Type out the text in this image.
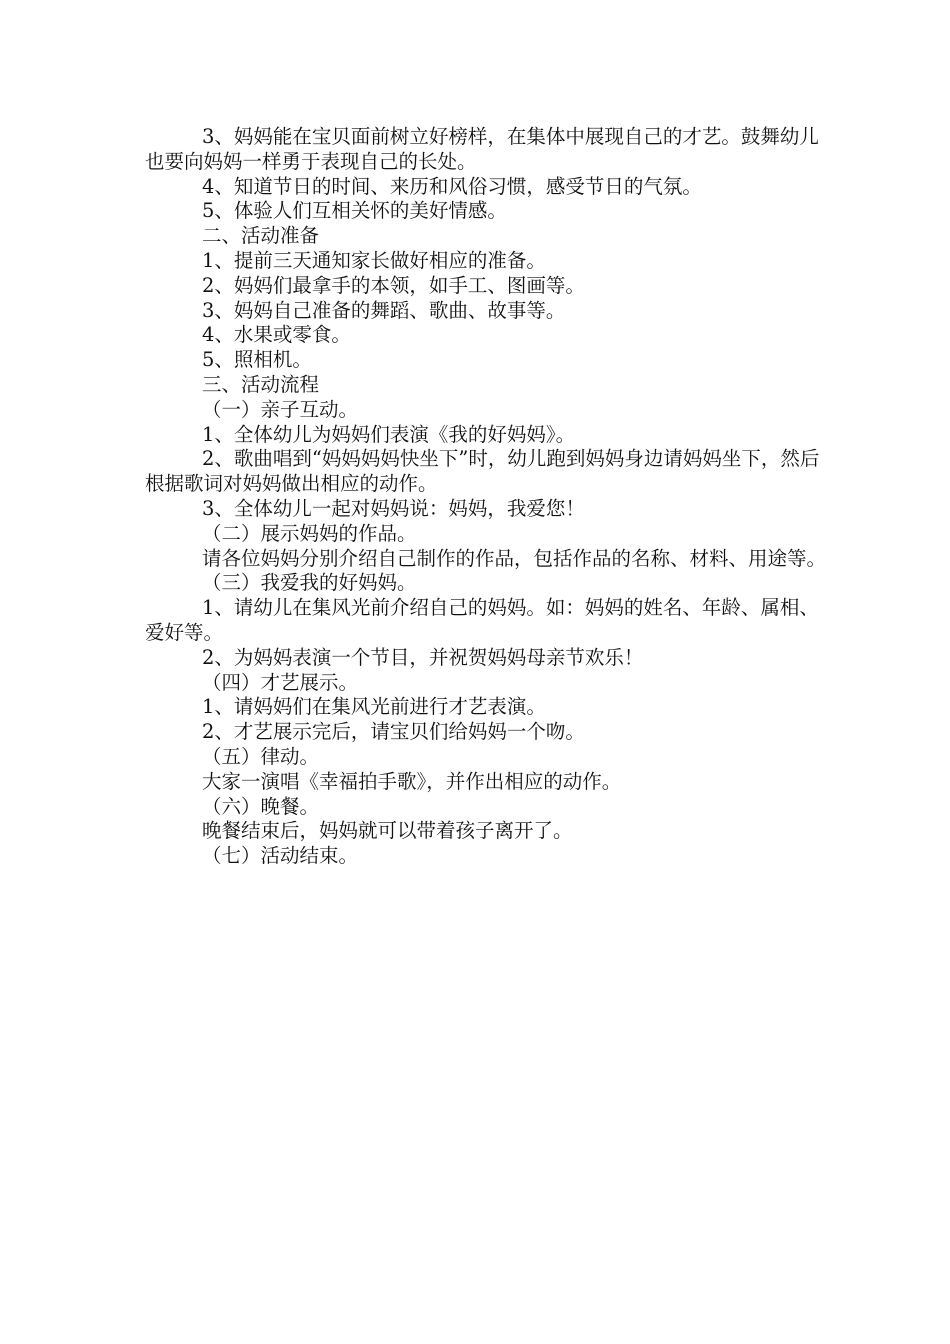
3、妈妈能在宝贝面前树立好榜样，在集体中展现自己的才艺。鼓舞幼儿也要向妈妈一样勇于表现自己的长处。

4、知道节日的时间、来历和风俗习惯，感受节日的气氛。

5、体验人们互相关怀的美好情感。

二、活动准备

1、提前三天通知家长做好相应的准备。

2、妈妈们最拿手的本领，如手工、图画等。

3、妈妈自己准备的舞蹈、歌曲、故事等。

4、水果或零食。

5、照相机。

三、活动流程

（一）亲子互动。

1、全体幼儿为妈妈们表演《我的好妈妈》。

2、歌曲唱到“妈妈妈妈快坐下”时，幼儿跑到妈妈身边请妈妈坐下，然后根据歌词对妈妈做出相应的动作。

3、全体幼儿一起对妈妈说：妈妈，我爱您！

（二）展示妈妈的作品。

请各位妈妈分别介绍自己制作的作品，包括作品的名称、材料、用途等。

（三）我爱我的好妈妈。

1、请幼儿在集风光前介绍自己的妈妈。如：妈妈的姓名、年龄、属相、爱好等。

2、为妈妈表演一个节目，并祝贺妈妈母亲节欢乐！

（四）才艺展示。

1、请妈妈们在集风光前进行才艺表演。

2、才艺展示完后，请宝贝们给妈妈一个吻。

（五）律动。

大家一演唱《幸福拍手歌》，并作出相应的动作。

（六）晚餐。

晚餐结束后，妈妈就可以带着孩子离开了。

（七）活动结束。
